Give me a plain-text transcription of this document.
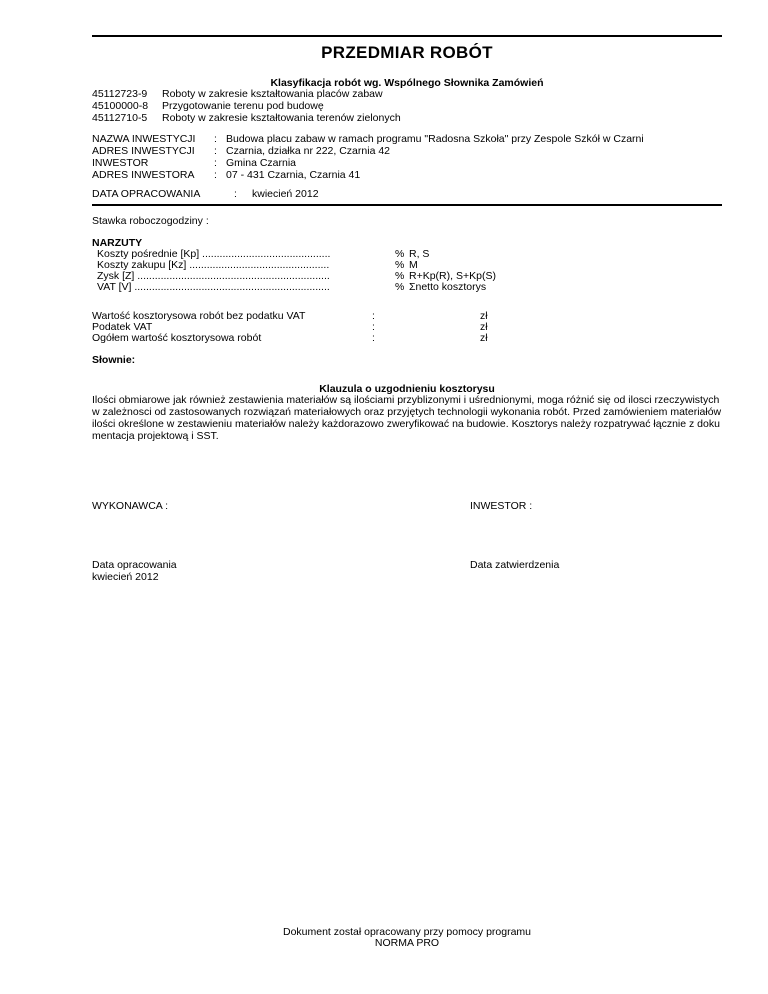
PRZEDMIAR ROBÓT
Klasyfikacja robót wg. Wspólnego Słownika Zamówień
45112723-9 Roboty w zakresie kształtowania placów zabaw
45100000-8 Przygotowanie terenu pod budowę
45112710-5 Roboty w zakresie kształtowania terenów zielonych
NAZWA INWESTYCJI : Budowa placu zabaw w ramach programu "Radosna Szkoła" przy Zespole Szkół w Czarni
ADRES INWESTYCJI : Czarnia, działka nr 222, Czarnia 42
INWESTOR	: Gmina Czarnia
ADRES INWESTORA : 07 - 431 Czarnia, Czarnia 41
DATA OPRACOWANIA	: kwiecień 2012
Stawka roboczogodziny :
NARZUTY
Koszty pośrednie [Kp] ............................................	% R, S
Koszty zakupu [Kz] ................................................	% M
Zysk [Z] ..................................................................	% R+Kp(R), S+Kp(S)
VAT [V] ...................................................................	% Σnetto kosztorys
Wartość kosztorysowa robót bez podatku VAT	:	zł
Podatek VAT	:	zł
Ogółem wartość kosztorysowa robót	:	zł
Słownie:
Klauzula o uzgodnieniu kosztorysu
Ilości obmiarowe jak również zestawienia materiałów są ilościami przyblizonymi i uśrednionymi, moga różnić się od ilosci rzeczywistych
w zależnosci od zastosowanych rozwiązań materiałowych oraz przyjętych technologii wykonania robót. Przed zamówieniem materiałów
ilości określone w zestawieniu materiałów należy każdorazowo zweryfikować na budowie. Kosztorys należy rozpatrywać łącznie z doku
mentacja projektową i SST.
WYKONAWCA :	INWESTOR :
Data opracowania
kwiecień 2012
Data zatwierdzenia
Dokument został opracowany przy pomocy programu
NORMA PRO
